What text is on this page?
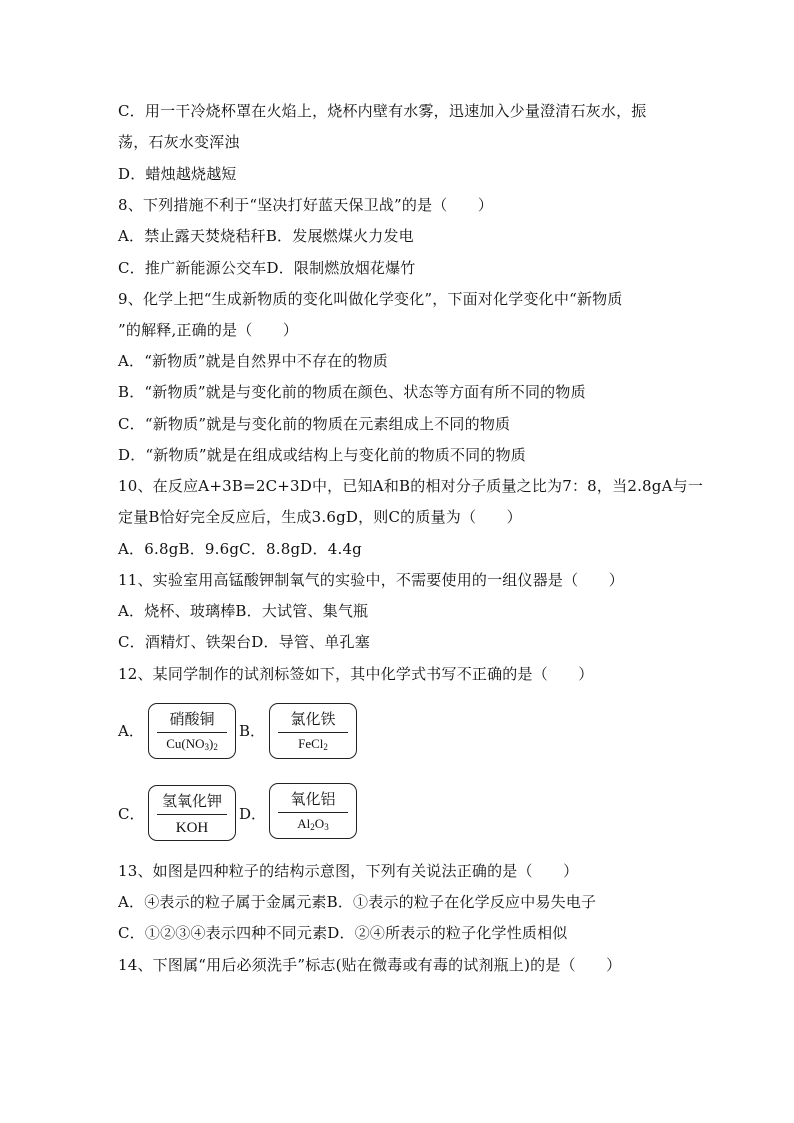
C．用一干冷烧杯罩在火焰上，烧杯内壁有水雾，迅速加入少量澄清石灰水，振
荡，石灰水变浑浊
D．蜡烛越烧越短
8、下列措施不利于“坚决打好蓝天保卫战”的是（　　）
A．禁止露天焚烧秸秆B．发展燃煤火力发电
C．推广新能源公交车D．限制燃放烟花爆竹
9、化学上把“生成新物质的变化叫做化学变化”，下面对化学变化中“新物质
”的解释,正确的是（　　）
A．“新物质”就是自然界中不存在的物质
B．“新物质”就是与变化前的物质在颜色、状态等方面有所不同的物质
C．“新物质”就是与变化前的物质在元素组成上不同的物质
D．“新物质”就是在组成或结构上与变化前的物质不同的物质
10、在反应A+3B=2C+3D中，已知A和B的相对分子质量之比为7：8，当2.8gA与一
定量B恰好完全反应后，生成3.6gD，则C的质量为（　　）
A．6.8gB．9.6gC．8.8gD．4.4g
11、实验室用高锰酸钾制氧气的实验中，不需要使用的一组仪器是（　　）
A．烧杯、玻璃棒B．大试管、集气瓶
C．酒精灯、铁架台D．导管、单孔塞
12、某同学制作的试剂标签如下，其中化学式书写不正确的是（　　）
A．
硝酸铜
$Cu(NO_3)_2$
B．
氯化铁
FeCl$_2$
C．
氢氧化钾
KOH
D．
氧化铝
$Al_2O_3$
13、如图是四种粒子的结构示意图，下列有关说法正确的是（　　）
A．④表示的粒子属于金属元素B．①表示的粒子在化学反应中易失电子
C．①②③④表示四种不同元素D．②④所表示的粒子化学性质相似
14、下图属“用后必须洗手”标志(贴在微毒或有毒的试剂瓶上)的是（　　）
